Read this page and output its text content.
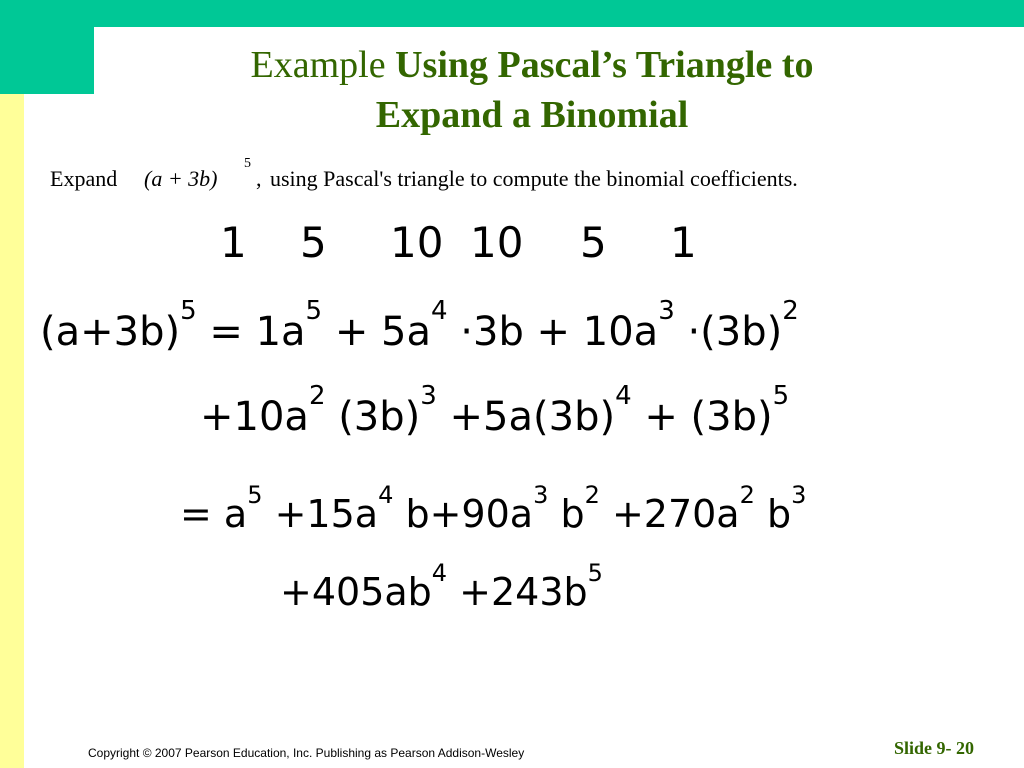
Example Using Pascal’s Triangle to
Expand a Binomial
Expand (a + 3b)
5
, using Pascal's triangle to compute the binomial coefficients.
1 5 10 10 5 1
$(a+3b)^5 = 1a^5 + 5a^4 \cdot 3b + 10a^3 \cdot(3b)^2$
$+10a^2$ $(3b)^3 +5a(3b)^4 + (3b)^5$
= $a^5 +15a^4$ $b+90a^3$ $b^2 +270a^2$ $b^3$
$+405ab^4 +243b^5$
Copyright © 2007 Pearson Education, Inc. Publishing as Pearson Addison-Wesley	Slide 9- 20
